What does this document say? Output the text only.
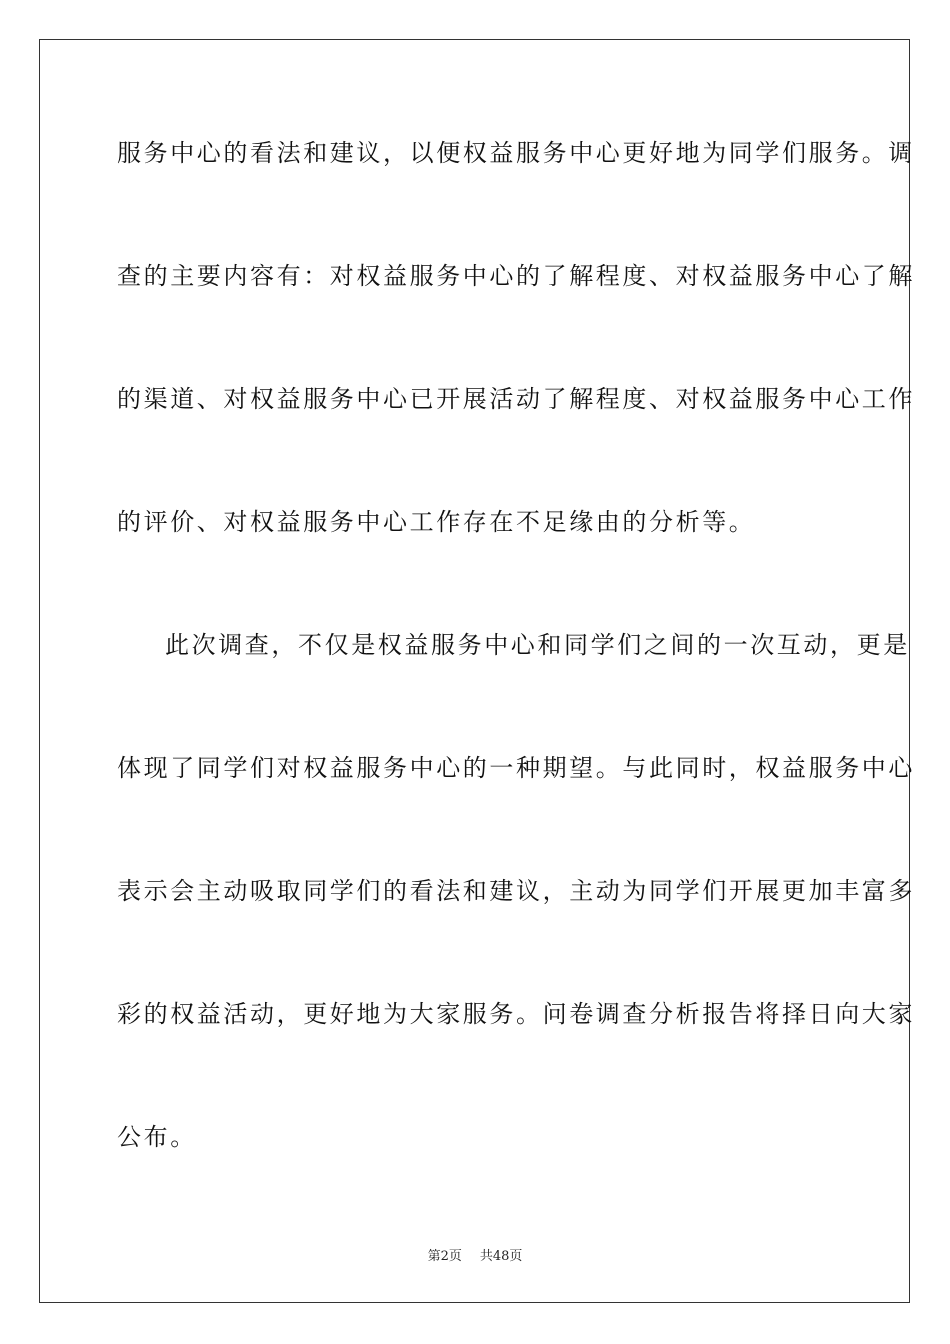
服务中心的看法和建议，以便权益服务中心更好地为同学们服务。调
查的主要内容有：对权益服务中心的了解程度、对权益服务中心了解
的渠道、对权益服务中心已开展活动了解程度、对权益服务中心工作
的评价、对权益服务中心工作存在不足缘由的分析等。
此次调查，不仅是权益服务中心和同学们之间的一次互动，更是
体现了同学们对权益服务中心的一种期望。与此同时，权益服务中心
表示会主动吸取同学们的看法和建议，主动为同学们开展更加丰富多
彩的权益活动，更好地为大家服务。问卷调查分析报告将择日向大家
公布。
第2页 共48页
